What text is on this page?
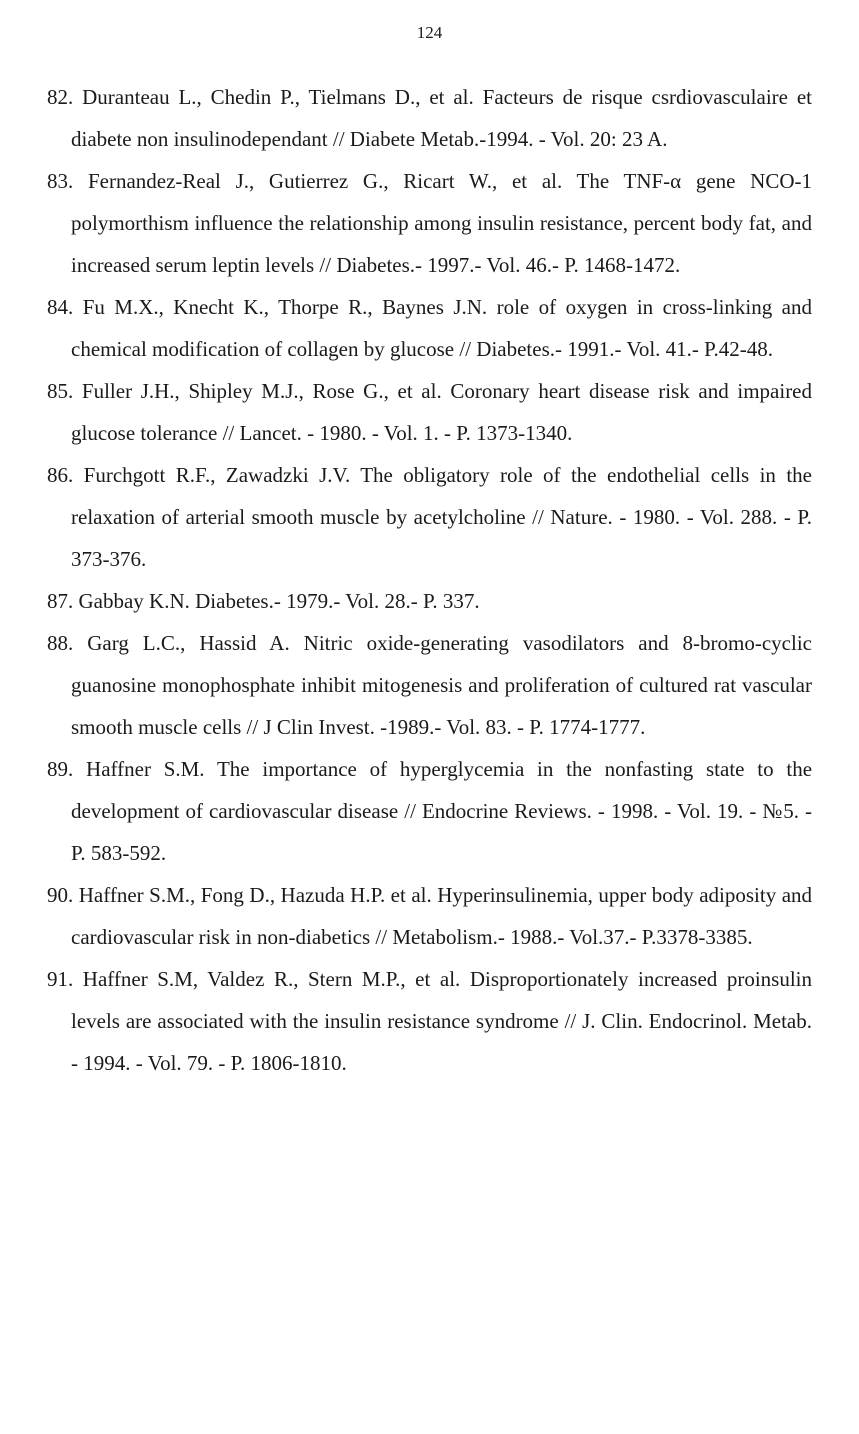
124
82. Duranteau L., Chedin P., Tielmans D., et al. Facteurs de risque csrdiovasculaire et diabete non insulinodependant // Diabete Metab.-1994. - Vol. 20: 23 A.
83. Fernandez-Real J., Gutierrez G., Ricart W., et al. The TNF-α gene NCO-1 polymorthism influence the relationship among insulin resistance, percent body fat, and increased serum leptin levels // Diabetes.- 1997.- Vol. 46.- P. 1468-1472.
84. Fu M.X., Knecht K., Thorpe R., Baynes J.N. role of oxygen in cross-linking and chemical modification of collagen by glucose // Diabetes.- 1991.- Vol. 41.- P.42-48.
85. Fuller J.H., Shipley M.J., Rose G., et al. Coronary heart disease risk and impaired glucose tolerance // Lancet. - 1980. - Vol. 1. - P. 1373-1340.
86. Furchgott R.F., Zawadzki J.V. The obligatory role of the endothelial cells in the relaxation of arterial smooth muscle by acetylcholine // Nature. - 1980. - Vol. 288. - P. 373-376.
87. Gabbay K.N. Diabetes.- 1979.- Vol. 28.- P. 337.
88. Garg L.C., Hassid A. Nitric oxide-generating vasodilators and 8-bromo-cyclic guanosine monophosphate inhibit mitogenesis and proliferation of cultured rat vascular smooth muscle cells // J Clin Invest. -1989.- Vol. 83. - P. 1774-1777.
89. Haffner S.M. The importance of hyperglycemia in the nonfasting state to the development of cardiovascular disease // Endocrine Reviews. - 1998. - Vol. 19. - №5. - P. 583-592.
90. Haffner S.M., Fong D., Hazuda H.P. et al. Hyperinsulinemia, upper body adiposity and cardiovascular risk in non-diabetics // Metabolism.- 1988.- Vol.37.- P.3378-3385.
91. Haffner S.M, Valdez R., Stern M.P., et al. Disproportionately increased proinsulin levels are associated with the insulin resistance syndrome // J. Clin. Endocrinol. Metab. - 1994. - Vol. 79. - P. 1806-1810.
